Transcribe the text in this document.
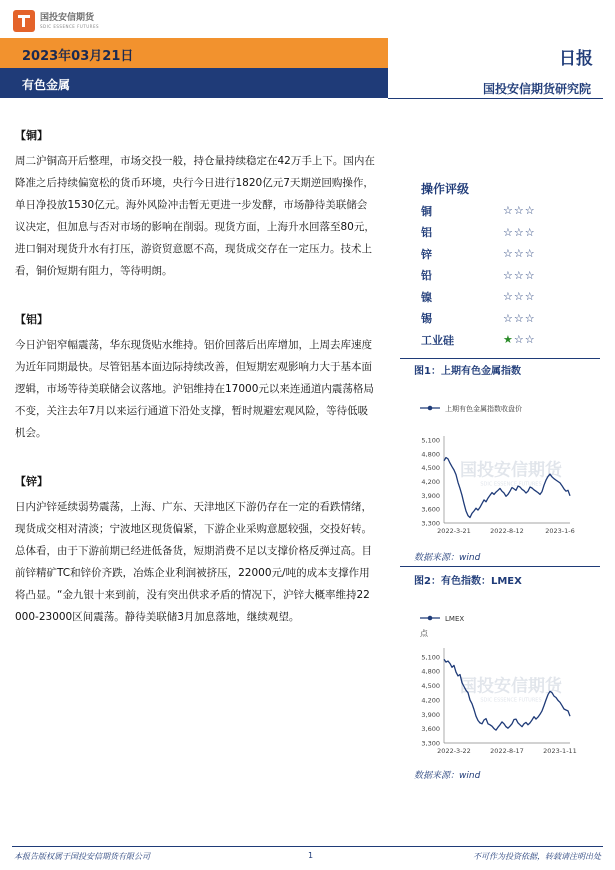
国投安信期货
SDIC ESSENCE FUTURES
2023年03月21日	日报
有色金属	国投安信期货研究院
【铜】
周二沪铜高开后整理，市场交投一般，持仓量持续稳定在42万手上下。国内在降准之后持续偏宽松的货币环境，央行今日进行1820亿元7天期逆回购操作，单日净投放1530亿元。海外风险冲击暂无更进一步发酵，市场静待美联储会议决定，但加息与否对市场的影响在削弱。现货方面，上海升水回落至80元，进口铜对现货升水有打压，游资贸意愿不高，现货成交存在一定压力。技术上看，铜价短期有阻力，等待明朗。
【铝】
今日沪铝窄幅震荡，华东现货贴水维持。铝价回落后出库增加，上周去库速度为近年同期最快。尽管铝基本面边际持续改善，但短期宏观影响力大于基本面逻辑，市场等待美联储会议落地。沪铝维持在17000元以来连通道内震荡格局不变，关注去年7月以来运行通道下沿处支撑，暂时规避宏观风险，等待低吸机会。
【锌】
日内沪锌延续弱势震荡，上海、广东、天津地区下游仍存在一定的看跌情绪，现货成交相对清淡；宁波地区现货偏紧，下游企业采购意愿较强，交投好转。总体看，由于下游前期已经进低备货，短期消费不足以支撑价格反弹过高。目前锌精矿TC和锌价齐跌，冶炼企业利润被挤压，22000元/吨的成本支撑作用将凸显。“金九银十来到前，没有突出供求矛盾的情况下，沪锌大概率维持22000-23000区间震荡。静待美联储3月加息落地，继续观望。
操作评级
铜	☆☆☆
铝	☆☆☆
锌	☆☆☆
铅	☆☆☆
镍	☆☆☆
锡	☆☆☆
工业硅	★☆☆
图1：上期有色金属指数
上期有色金属指数收盘价
5,100
4,800
4,500
4,200
3,900
3,600
3,300
2022-3-21	2022-8-12	2023-1-6
国投安信期货
SDIC ESSENCE FUTURES
数据来源：wind
图2：有色指数：LMEX
LMEX
点
5,100
4,800
4,500
4,200
3,900
3,600
3,300
2022-3-22	2022-8-17	2023-1-11
国投安信期货
SDIC ESSENCE FUTURES
数据来源：wind
本报告版权属于国投安信期货有限公司	1	不可作为投资依据，转载请注明出处
